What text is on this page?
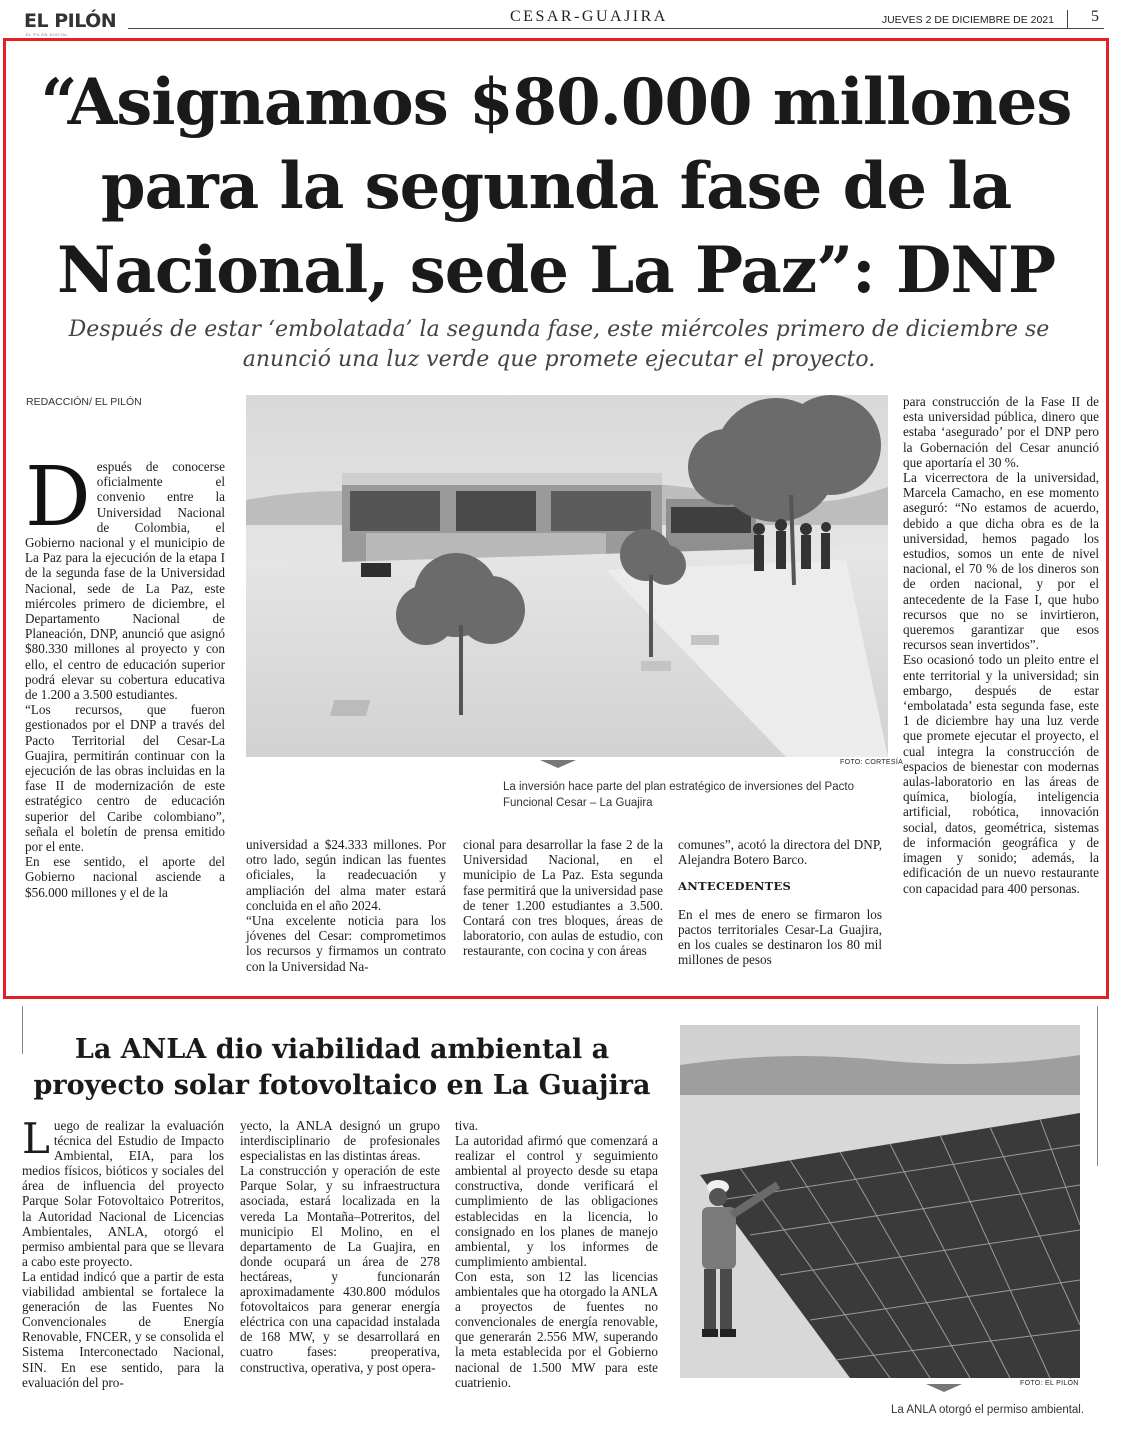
EL PILÓN
EL PILÓN DIGITAL
CESAR-GUAJIRA	JUEVES 2 DE DICIEMBRE DE 2021 5
“Asignamos $80.000 millones para la segunda fase de la Nacional, sede La Paz”: DNP
Después de estar ‘embolatada’ la segunda fase, este miércoles primero de diciembre se anunció una luz verde que promete ejecutar el proyecto.
REDACCIÓN/ EL PILÓN
D espués de conocerse oficialmente el convenio entre la Universidad Nacional de Colombia, el Gobierno nacional y el municipio de La Paz para la ejecución de la etapa I de la segunda fase de la Universidad Nacional, sede de La Paz, este miércoles primero de diciembre, el Departamento Nacional de Planeación, DNP, anunció que asignó $80.330 millones al proyecto y con ello, el centro de educación superior podrá elevar su cobertura educativa de 1.200 a 3.500 estudiantes.

“Los recursos, que fueron gestionados por el DNP a través del Pacto Territorial del Cesar-La Guajira, permitirán continuar con la ejecución de las obras incluidas en la fase II de modernización de este estratégico centro de educación superior del Caribe colombiano”, señala el boletín de prensa emitido por el ente.

En ese sentido, el aporte del Gobierno nacional asciende a $56.000 millones y el de la

FOTO: CORTESÍA
La inversión hace parte del plan estratégico de inversiones del Pacto Funcional Cesar – La Guajira

universidad a $24.333 millones. Por otro lado, según indican las fuentes oficiales, la readecuación y ampliación del alma mater estará concluida en el año 2024.

“Una excelente noticia para los jóvenes del Cesar: comprometimos los recursos y firmamos un contrato con la Universidad Na-

cional para desarrollar la fase 2 de la Universidad Nacional, en el municipio de La Paz. Esta segunda fase permitirá que la universidad pase de tener 1.200 estudiantes a 3.500. Contará con tres bloques, áreas de laboratorio, con aulas de estudio, con restaurante, con cocina y con áreas

comunes”, acotó la directora del DNP, Alejandra Botero Barco.

ANTECEDENTES

En el mes de enero se firmaron los pactos territoriales Cesar-La Guajira, en los cuales se destinaron los 80 mil millones de pesos

para construcción de la Fase II de esta universidad pública, dinero que estaba ‘asegurado’ por el DNP pero la Gobernación del Cesar anunció que aportaría el 30 %.

La vicerrectora de la universidad, Marcela Camacho, en ese momento aseguró: “No estamos de acuerdo, debido a que dicha obra es de la universidad, hemos pagado los estudios, somos un ente de nivel nacional, el 70 % de los dineros son de orden nacional, y por el antecedente de la Fase I, que hubo recursos que no se invirtieron, queremos garantizar que esos recursos sean invertidos”.

Eso ocasionó todo un pleito entre el ente territorial y la universidad; sin embargo, después de estar ‘embolatada’ esta segunda fase, este 1 de diciembre hay una luz verde que promete ejecutar el proyecto, el cual integra la construcción de espacios de bienestar con modernas aulas-laboratorio en las áreas de química, biología, inteligencia artificial, robótica, innovación social, datos, geométrica, sistemas de información geográfica y de imagen y sonido; además, la edificación de un nuevo restaurante con capacidad para 400 personas.

La ANLA dio viabilidad ambiental a proyecto solar fotovoltaico en La Guajira
L uego de realizar la evaluación técnica del Estudio de Impacto Ambiental, EIA, para los medios físicos, bióticos y sociales del área de influencia del proyecto Parque Solar Fotovoltaico Potreritos, la Autoridad Nacional de Licencias Ambientales, ANLA, otorgó el permiso ambiental para que se llevara a cabo este proyecto.

La entidad indicó que a partir de esta viabilidad ambiental se fortalece la generación de las Fuentes No Convencionales de Energía Renovable, FNCER, y se consolida el Sistema Interconectado Nacional, SIN. En ese sentido, para la evaluación del pro-

yecto, la ANLA designó un grupo interdisciplinario de profesionales especialistas en las distintas áreas.

La construcción y operación de este Parque Solar, y su infraestructura asociada, estará localizada en la vereda La Montaña–Potreritos, del municipio El Molino, en el departamento de La Guajira, en donde ocupará un área de 278 hectáreas, y funcionarán aproximadamente 430.800 módulos fotovoltaicos para generar energía eléctrica con una capacidad instalada de 168 MW, y se desarrollará en cuatro fases: preoperativa, constructiva, operativa, y post opera-

tiva.

La autoridad afirmó que comenzará a realizar el control y seguimiento ambiental al proyecto desde su etapa constructiva, donde verificará el cumplimiento de las obligaciones establecidas en la licencia, lo consignado en los planes de manejo ambiental, y los informes de cumplimiento ambiental.

Con esta, son 12 las licencias ambientales que ha otorgado la ANLA a proyectos de fuentes no convencionales de energía renovable, que generarán 2.556 MW, superando la meta establecida por el Gobierno nacional de 1.500 MW para este cuatrienio.	FOTO: EL PILÓN
La ANLA otorgó el permiso ambiental.
